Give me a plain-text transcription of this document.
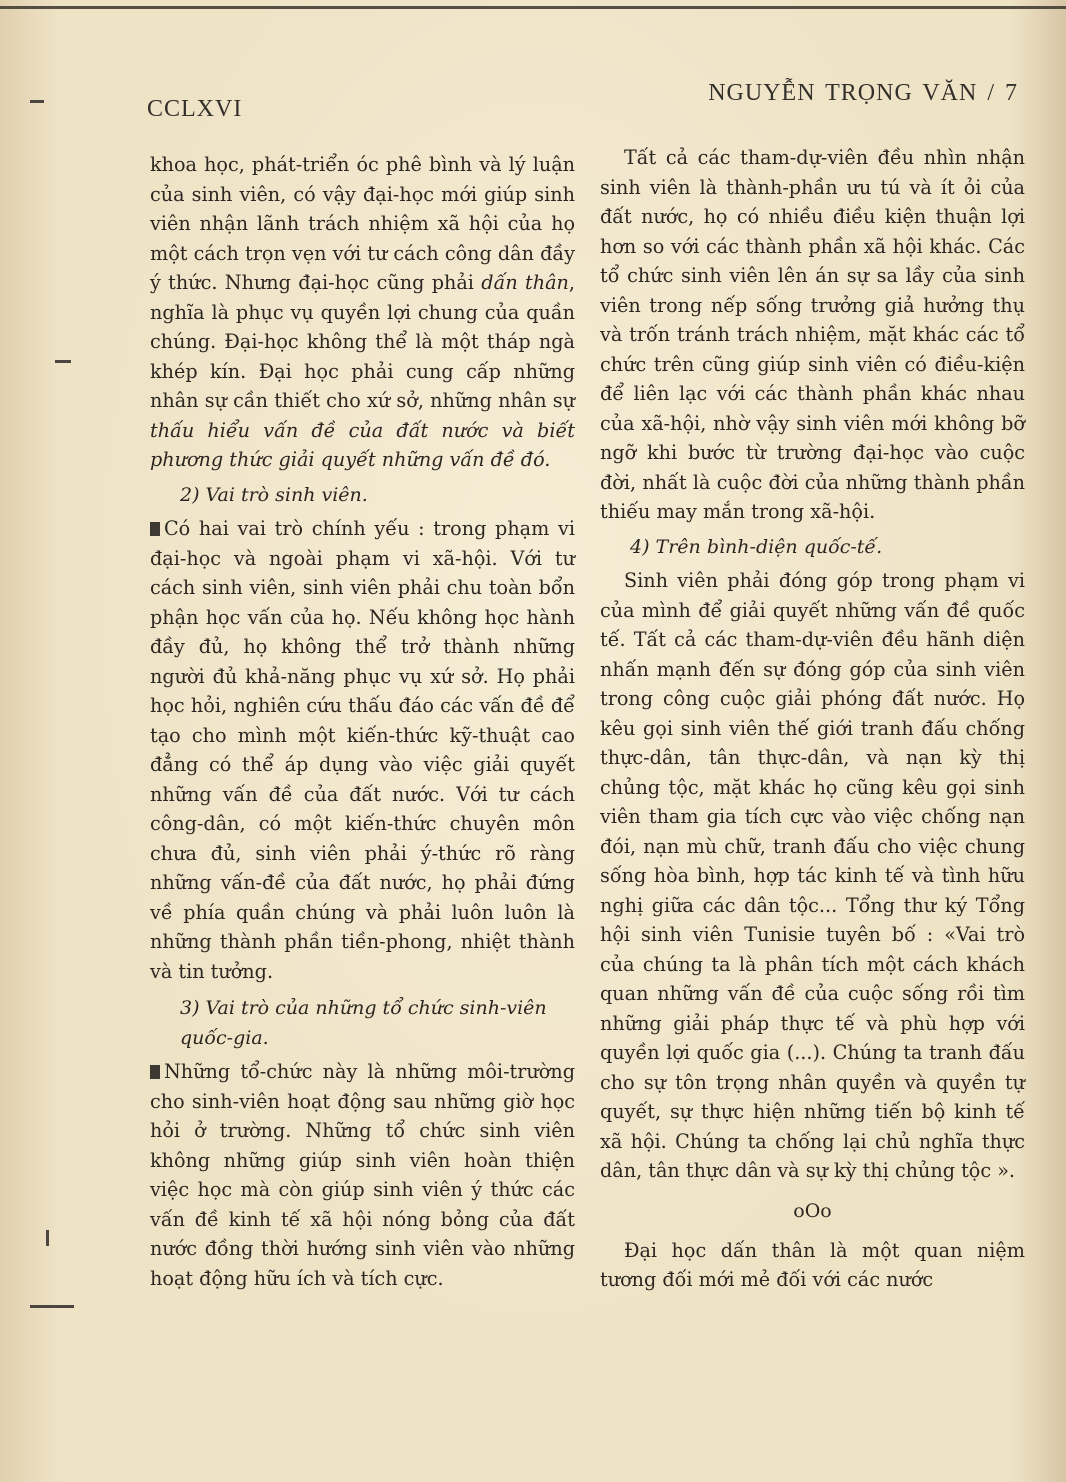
CCLXVI
NGUYỄN TRỌNG VĂN / 7

khoa học, phát-triển óc phê bình và lý luận của sinh viên, có vậy đại-học mới giúp sinh viên nhận lãnh trách nhiệm xã hội của họ một cách trọn vẹn với tư cách công dân đầy ý thức. Nhưng đại-học cũng phải dấn thân, nghĩa là phục vụ quyền lợi chung của quần chúng. Đại-học không thể là một tháp ngà khép kín. Đại học phải cung cấp những nhân sự cần thiết cho xứ sở, những nhân sự thấu hiểu vấn đề của đất nước và biết phương thức giải quyết những vấn đề đó.

2) Vai trò sinh viên.

Có hai vai trò chính yếu : trong phạm vi đại-học và ngoài phạm vi xã-hội. Với tư cách sinh viên, sinh viên phải chu toàn bổn phận học vấn của họ. Nếu không học hành đầy đủ, họ không thể trở thành những người đủ khả-năng phục vụ xứ sở. Họ phải học hỏi, nghiên cứu thấu đáo các vấn đề để tạo cho mình một kiến-thức kỹ-thuật cao đẳng có thể áp dụng vào việc giải quyết những vấn đề của đất nước. Với tư cách công-dân, có một kiến-thức chuyên môn chưa đủ, sinh viên phải ý-thức rõ ràng những vấn-đề của đất nước, họ phải đứng về phía quần chúng và phải luôn luôn là những thành phần tiền-phong, nhiệt thành và tin tưởng.

3) Vai trò của những tổ chức sinh-viên quốc-gia.

Những tổ-chức này là những môi-trường cho sinh-viên hoạt động sau những giờ học hỏi ở trường. Những tổ chức sinh viên không những giúp sinh viên hoàn thiện việc học mà còn giúp sinh viên ý thức các vấn đề kinh tế xã hội nóng bỏng của đất nước đồng thời hướng sinh viên vào những hoạt động hữu ích và tích cực.

Tất cả các tham-dự-viên đều nhìn nhận sinh viên là thành-phần ưu tú và ít ỏi của đất nước, họ có nhiều điều kiện thuận lợi hơn so với các thành phần xã hội khác. Các tổ chức sinh viên lên án sự sa lầy của sinh viên trong nếp sống trưởng giả hưởng thụ và trốn tránh trách nhiệm, mặt khác các tổ chức trên cũng giúp sinh viên có điều-kiện để liên lạc với các thành phần khác nhau của xã-hội, nhờ vậy sinh viên mới không bỡ ngỡ khi bước từ trường đại-học vào cuộc đời, nhất là cuộc đời của những thành phần thiếu may mắn trong xã-hội.

4) Trên bình-diện quốc-tế.

Sinh viên phải đóng góp trong phạm vi của mình để giải quyết những vấn đề quốc tế. Tất cả các tham-dự-viên đều hãnh diện nhấn mạnh đến sự đóng góp của sinh viên trong công cuộc giải phóng đất nước. Họ kêu gọi sinh viên thế giới tranh đấu chống thực-dân, tân thực-dân, và nạn kỳ thị chủng tộc, mặt khác họ cũng kêu gọi sinh viên tham gia tích cực vào việc chống nạn đói, nạn mù chữ, tranh đấu cho việc chung sống hòa bình, hợp tác kinh tế và tình hữu nghị giữa các dân tộc... Tổng thư ký Tổng hội sinh viên Tunisie tuyên bố : «Vai trò của chúng ta là phân tích một cách khách quan những vấn đề của cuộc sống rồi tìm những giải pháp thực tế và phù hợp với quyền lợi quốc gia (...). Chúng ta tranh đấu cho sự tôn trọng nhân quyền và quyền tự quyết, sự thực hiện những tiến bộ kinh tế xã hội. Chúng ta chống lại chủ nghĩa thực dân, tân thực dân và sự kỳ thị chủng tộc ».

oOo

Đại học dấn thân là một quan niệm tương đối mới mẻ đối với các nước
